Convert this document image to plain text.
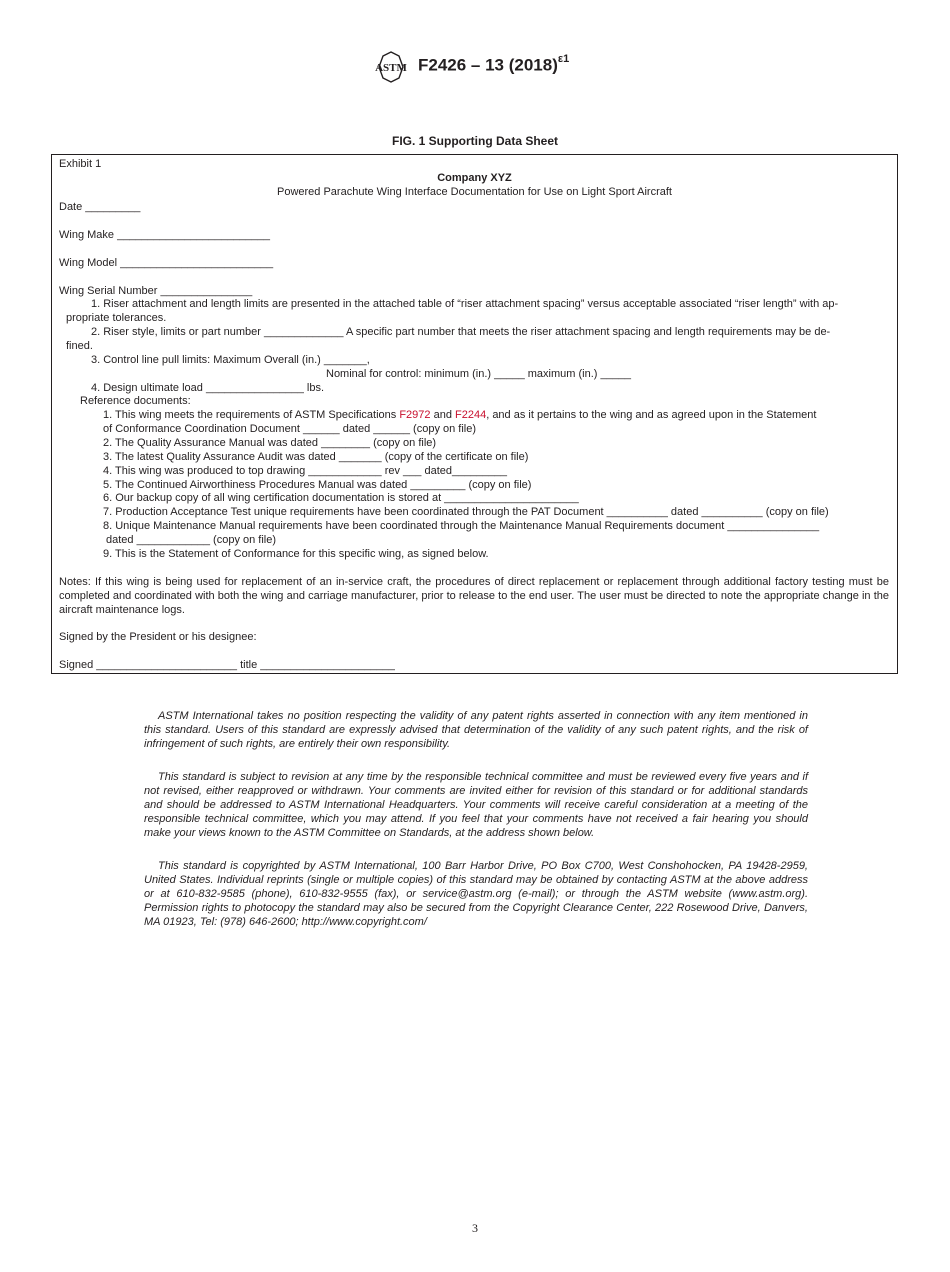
ASTM F2426 – 13 $(2018)^{\varepsilon 1}$
FIG. 1 Supporting Data Sheet
Exhibit 1
Company XYZ
Powered Parachute Wing Interface Documentation for Use on Light Sport Aircraft
Date _________
Wing Make _________________________
Wing Model _________________________
Wing Serial Number _______________
1. Riser attachment and length limits are presented in the attached table of “riser attachment spacing” versus acceptable associated “riser length” with ap-
propriate tolerances.
2. Riser style, limits or part number _____________ A specific part number that meets the riser attachment spacing and length requirements may be de-
fined.
3. Control line pull limits: Maximum Overall (in.) _______,
Nominal for control: minimum (in.) _____ maximum (in.) _____
4. Design ultimate load ________________ lbs.
Reference documents:
1. This wing meets the requirements of ASTM Specifications F2972 and F2244, and as it pertains to the wing and as agreed upon in the Statement
of Conformance Coordination Document ______ dated ______ (copy on file)
2. The Quality Assurance Manual was dated ________ (copy on file)
3. The latest Quality Assurance Audit was dated _______ (copy of the certificate on file)
4. This wing was produced to top drawing ____________ rev ___ dated_________
5. The Continued Airworthiness Procedures Manual was dated _________ (copy on file)
6. Our backup copy of all wing certification documentation is stored at ______________________
7. Production Acceptance Test unique requirements have been coordinated through the PAT Document __________ dated __________ (copy on file)
8. Unique Maintenance Manual requirements have been coordinated through the Maintenance Manual Requirements document _______________
dated ____________ (copy on file)
9. This is the Statement of Conformance for this specific wing, as signed below.
Notes: If this wing is being used for replacement of an in-service craft, the procedures of direct replacement or replacement through additional factory testing must be completed and coordinated with both the wing and carriage manufacturer, prior to release to the end user. The user must be directed to note the appropriate change in the aircraft maintenance logs.
Signed by the President or his designee:
Signed _______________________ title ______________________

ASTM International takes no position respecting the validity of any patent rights asserted in connection with any item mentioned in this standard. Users of this standard are expressly advised that determination of the validity of any such patent rights, and the risk of infringement of such rights, are entirely their own responsibility.

This standard is subject to revision at any time by the responsible technical committee and must be reviewed every five years and if not revised, either reapproved or withdrawn. Your comments are invited either for revision of this standard or for additional standards and should be addressed to ASTM International Headquarters. Your comments will receive careful consideration at a meeting of the responsible technical committee, which you may attend. If you feel that your comments have not received a fair hearing you should make your views known to the ASTM Committee on Standards, at the address shown below.

This standard is copyrighted by ASTM International, 100 Barr Harbor Drive, PO Box C700, West Conshohocken, PA 19428-2959, United States. Individual reprints (single or multiple copies) of this standard may be obtained by contacting ASTM at the above address or at 610-832-9585 (phone), 610-832-9555 (fax), or service@astm.org (e-mail); or through the ASTM website (www.astm.org). Permission rights to photocopy the standard may also be secured from the Copyright Clearance Center, 222 Rosewood Drive, Danvers, MA 01923, Tel: (978) 646-2600; http://www.copyright.com/

3
